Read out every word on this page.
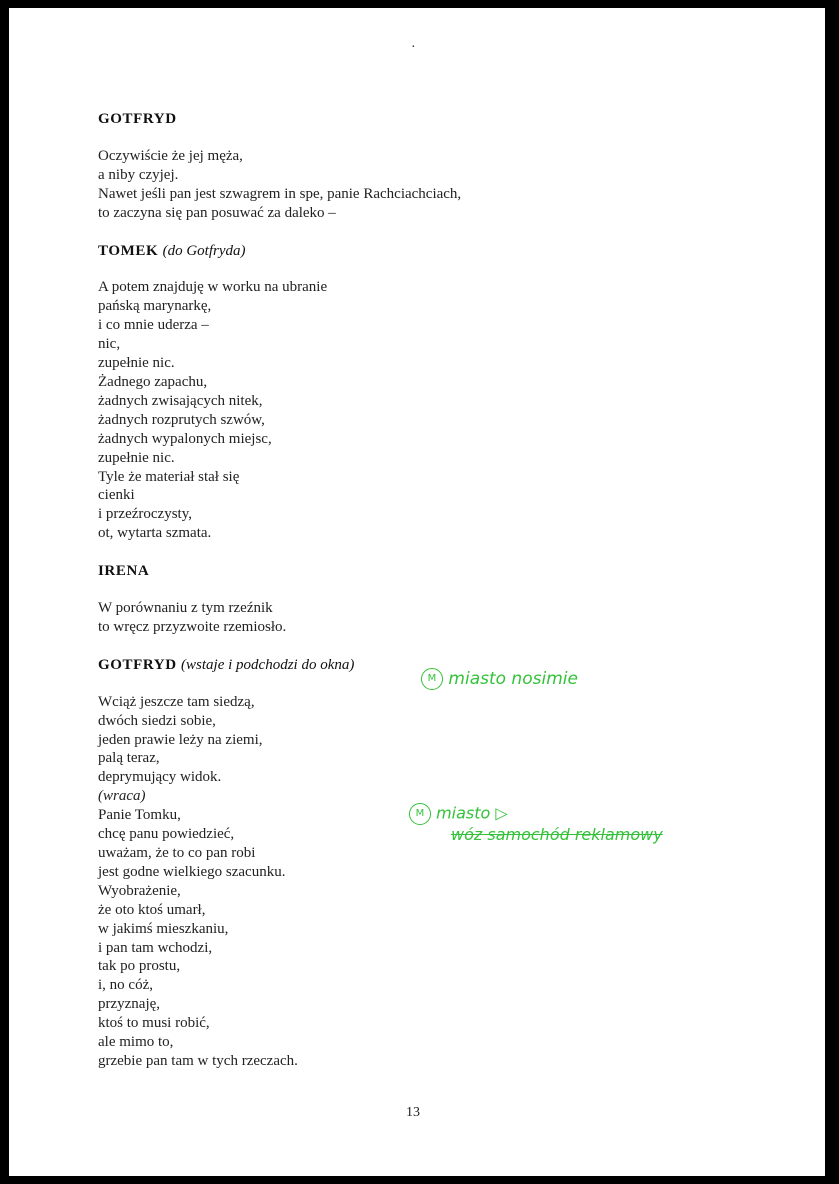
·

GOTFRYD

Oczywiście że jej męża,
a niby czyjej.
Nawet jeśli pan jest szwagrem in spe, panie Rachciachciach,
to zaczyna się pan posuwać za daleko –

TOMEK (do Gotfryda)

A potem znajduję w worku na ubranie
pańską marynarkę,
i co mnie uderza –
nic,
zupełnie nic.
Żadnego zapachu,
żadnych zwisających nitek,
żadnych rozprutych szwów,
żadnych wypalonych miejsc,
zupełnie nic.
Tyle że materiał stał się
cienki
i przeźroczysty,
ot, wytarta szmata.

IRENA

W porównaniu z tym rzeźnik
to wręcz przyzwoite rzemiosło.

GOTFRYD (wstaje i podchodzi do okna)

Wciąż jeszcze tam siedzą,
dwóch siedzi sobie,
jeden prawie leży na ziemi,
palą teraz,
deprymujący widok.
(wraca)
Panie Tomku,
chcę panu powiedzieć,
uważam, że to co pan robi
jest godne wielkiego szacunku.
Wyobrażenie,
że oto ktoś umarł,
w jakimś mieszkaniu,
i pan tam wchodzi,
tak po prostu,
i, no cóż,
przyznaję,
ktoś to musi robić,
ale mimo to,
grzebie pan tam w tych rzeczach.
M miasto nosimie
M miasto ▷
wóz samochód reklamowy
13
